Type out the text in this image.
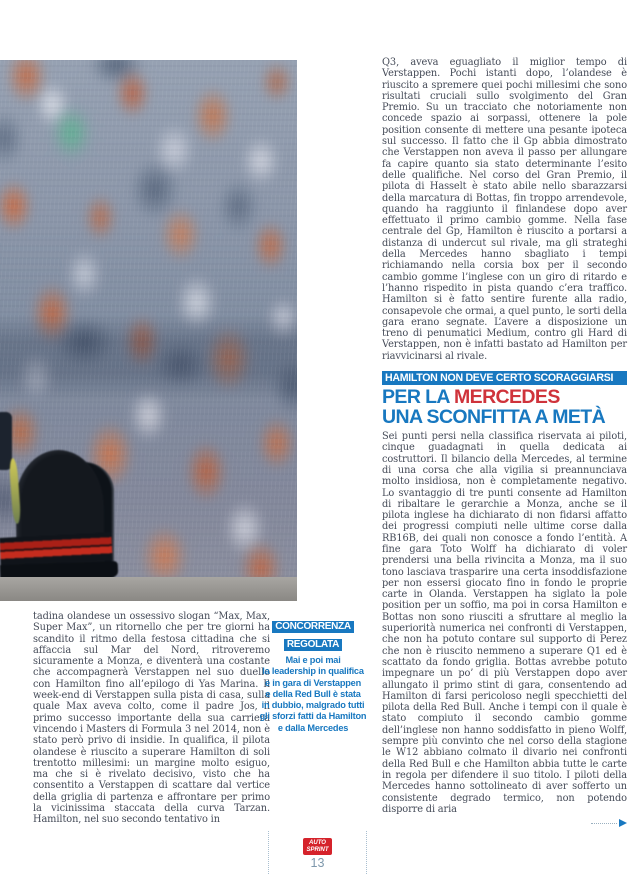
Q3, aveva eguagliato il miglior tempo di Verstappen. Pochi istanti dopo, l’olandese è riuscito a spremere quei pochi millesimi che sono risultati cruciali sullo svolgimento del Gran Premio. Su un tracciato che notoriamente non concede spazio ai sorpassi, ottenere la pole position consente di mettere una pesante ipoteca sul successo. Il fatto che il Gp abbia dimostrato che Verstappen non aveva il passo per allungare fa capire quanto sia stato determinante l’esito delle qualifiche. Nel corso del Gran Premio, il pilota di Hasselt è stato abile nello sbarazzarsi della marcatura di Bottas, fin troppo arrendevole, quando ha raggiunto il finlandese dopo aver effettuato il primo cambio gomme. Nella fase centrale del Gp, Hamilton è riuscito a portarsi a distanza di undercut sul rivale, ma gli strateghi della Mercedes hanno sbagliato i tempi richiamando nella corsia box per il secondo cambio gomme l’inglese con un giro di ritardo e l’hanno rispedito in pista quando c’era traffico. Hamilton si è fatto sentire furente alla radio, consapevole che ormai, a quel punto, le sorti della gara erano segnate. L’avere a disposizione un treno di penumatici Medium, contro gli Hard di Verstappen, non è infatti bastato ad Hamilton per riavvicinarsi al rivale.
HAMILTON NON DEVE CERTO SCORAGGIARSI
PER LA MERCEDES
UNA SCONFITTA A METÀ
Sei punti persi nella classifica riservata ai piloti, cinque guadagnati in quella dedicata ai costruttori. Il bilancio della Mercedes, al termine di una corsa che alla vigilia si preannunciava molto insidiosa, non è completamente negativo. Lo svantaggio di tre punti consente ad Hamilton di ribaltare le gerarchie a Monza, anche se il pilota inglese ha dichiarato di non fidarsi affatto dei progressi compiuti nelle ultime corse dalla RB16B, dei quali non conosce a fondo l’entità. A fine gara Toto Wolff ha dichiarato di voler prendersi una bella rivincita a Monza, ma il suo tono lasciava trasparire una certa insoddisfazione per non essersi giocato fino in fondo le proprie carte in Olanda. Verstappen ha siglato la pole position per un soffio, ma poi in corsa Hamilton e Bottas non sono riusciti a sfruttare al meglio la superiorità numerica nei confronti di Verstappen, che non ha potuto contare sul supporto di Perez che non è riuscito nemmeno a superare Q1 ed è scattato da fondo griglia. Bottas avrebbe potuto impegnare un po’ di più Verstappen dopo aver allungato il primo stint di gara, consentendo ad Hamilton di farsi pericoloso negli specchietti del pilota della Red Bull. Anche i tempi con il quale è stato compiuto il secondo cambio gomme dell’inglese non hanno soddisfatto in pieno Wolff, sempre più convinto che nel corso della stagione le W12 abbiano colmato il divario nei confronti della Red Bull e che Hamilton abbia tutte le carte in regola per difendere il suo titolo. I piloti della Mercedes hanno sottolineato di aver sofferto un consistente degrado termico, non potendo disporre di aria
tadina olandese un ossessivo slogan “Max, Max, Super Max”, un ritornello che per tre giorni ha scandito il ritmo della festosa cittadina che si affaccia sul Mar del Nord, ritroveremo sicuramente a Monza, e diventerà una costante che accompagnerà Verstappen nel suo duello con Hamilton fino all’epilogo di Yas Marina. Il week-end di Verstappen sulla pista di casa, sulla quale Max aveva colto, come il padre Jos, il primo successo importante della sua carriera vincendo i Masters di Formula 3 nel 2014, non è stato però privo di insidie. In qualifica, il pilota olandese è riuscito a superare Hamilton di soli trentotto millesimi: un margine molto esiguo, ma che si è rivelato decisivo, visto che ha consentito a Verstappen di scattare dal vertice della griglia di partenza e affrontare per primo la vicinissima staccata della curva Tarzan. Hamilton, nel suo secondo tentativo in
CONCORRENZA
REGOLATA
Mai e poi mai
la leadership in qualifica
e in gara di Verstappen
e della Red Bull è stata
in dubbio, malgrado tutti
gli sforzi fatti da Hamilton
e dalla Mercedes
AUTO
SPRINT
13
